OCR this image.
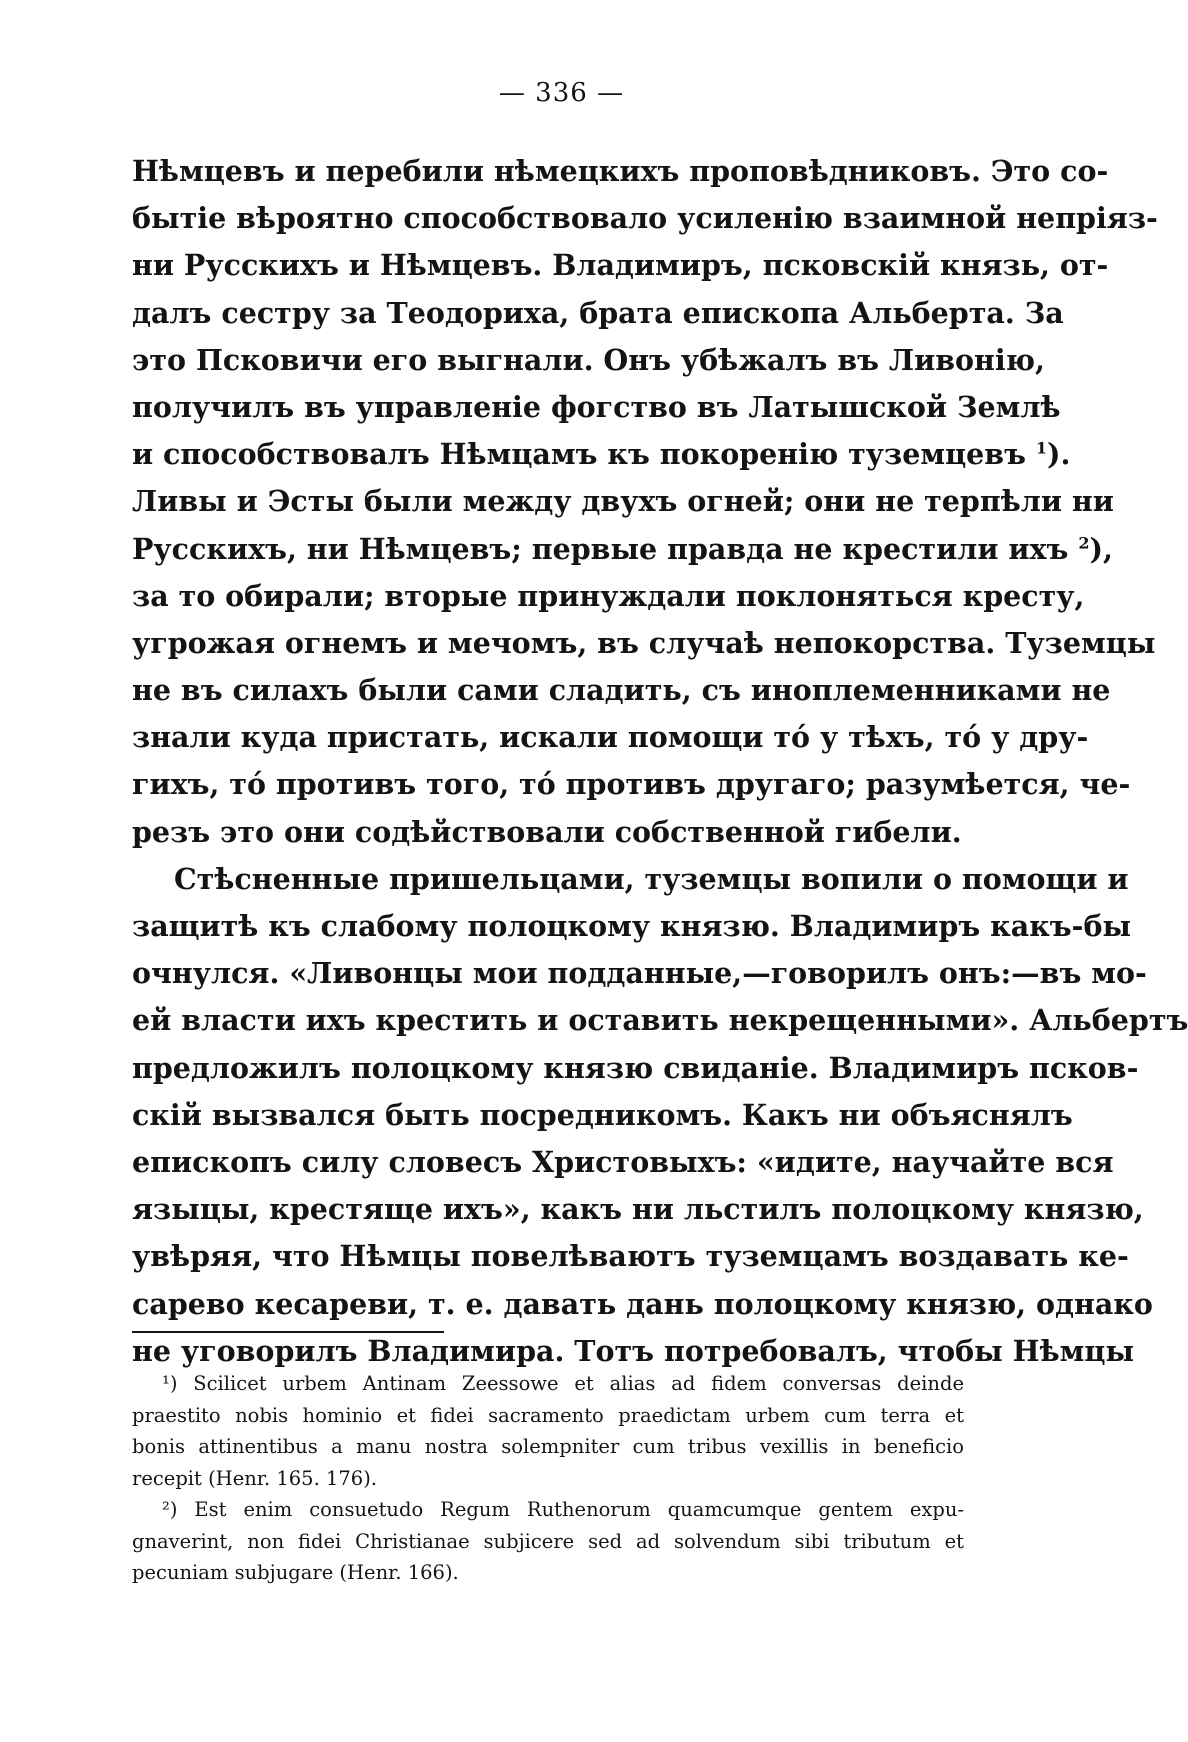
— 336 —
Нѣмцевъ и перебили нѣмецкихъ проповѣдниковъ. Это со-
бытіе вѣроятно способствовало усиленію взаимной непріяз-
ни Русскихъ и Нѣмцевъ. Владимиръ, псковскій князь, от-
далъ сестру за Теодориха, брата епископа Альберта. За
это Псковичи его выгнали. Онъ убѣжалъ въ Ливонію,
получилъ въ управленіе фогство въ Латышской Землѣ
и способствовалъ Нѣмцамъ къ покоренію туземцевъ $^1$).
Ливы и Эсты были между двухъ огней; они не терпѣли ни
Русскихъ, ни Нѣмцевъ; первые правда не крестили ихъ $^2$),
за то обирали; вторые принуждали поклоняться кресту,
угрожая огнемъ и мечомъ, въ случаѣ непокорства. Туземцы
не въ силахъ были сами сладить, съ иноплеменниками не
знали куда пристать, искали помощи то́ у тѣхъ, то́ у дру-
гихъ, то́ противъ того, то́ противъ другаго; разумѣется, че-
резъ это они содѣйствовали собственной гибели.
Стѣсненные пришельцами, туземцы вопили о помощи и
защитѣ къ слабому полоцкому князю. Владимиръ какъ-бы
очнулся. «Ливонцы мои подданные,—говорилъ онъ:—въ мо-
ей власти ихъ крестить и оставить некрещенными». Альбертъ
предложилъ полоцкому князю свиданіе. Владимиръ псков-
скій вызвался быть посредникомъ. Какъ ни объяснялъ
епископъ силу словесъ Христовыхъ: «идите, научайте вся
языцы, крестяще ихъ», какъ ни льстилъ полоцкому князю,
увѣряя, что Нѣмцы повелѣваютъ туземцамъ воздавать ке-
сарево кесареви, т. е. давать дань полоцкому князю, однако
не уговорилъ Владимира. Тотъ потребовалъ, чтобы Нѣмцы
¹) Scilicet urbem Antinam Zeessowe et alias ad fidem conversas deinde
praestito nobis hominio et fidei sacramento praedictam urbem cum terra et
bonis attinentibus a manu nostra solempniter cum tribus vexillis in beneficio
recepit (Henr. 165. 176).
²) Est enim consuetudo Regum Ruthenorum quamcumque gentem expu-
gnaverint, non fidei Christianae subjicere sed ad solvendum sibi tributum et
pecuniam subjugare (Henr. 166).
